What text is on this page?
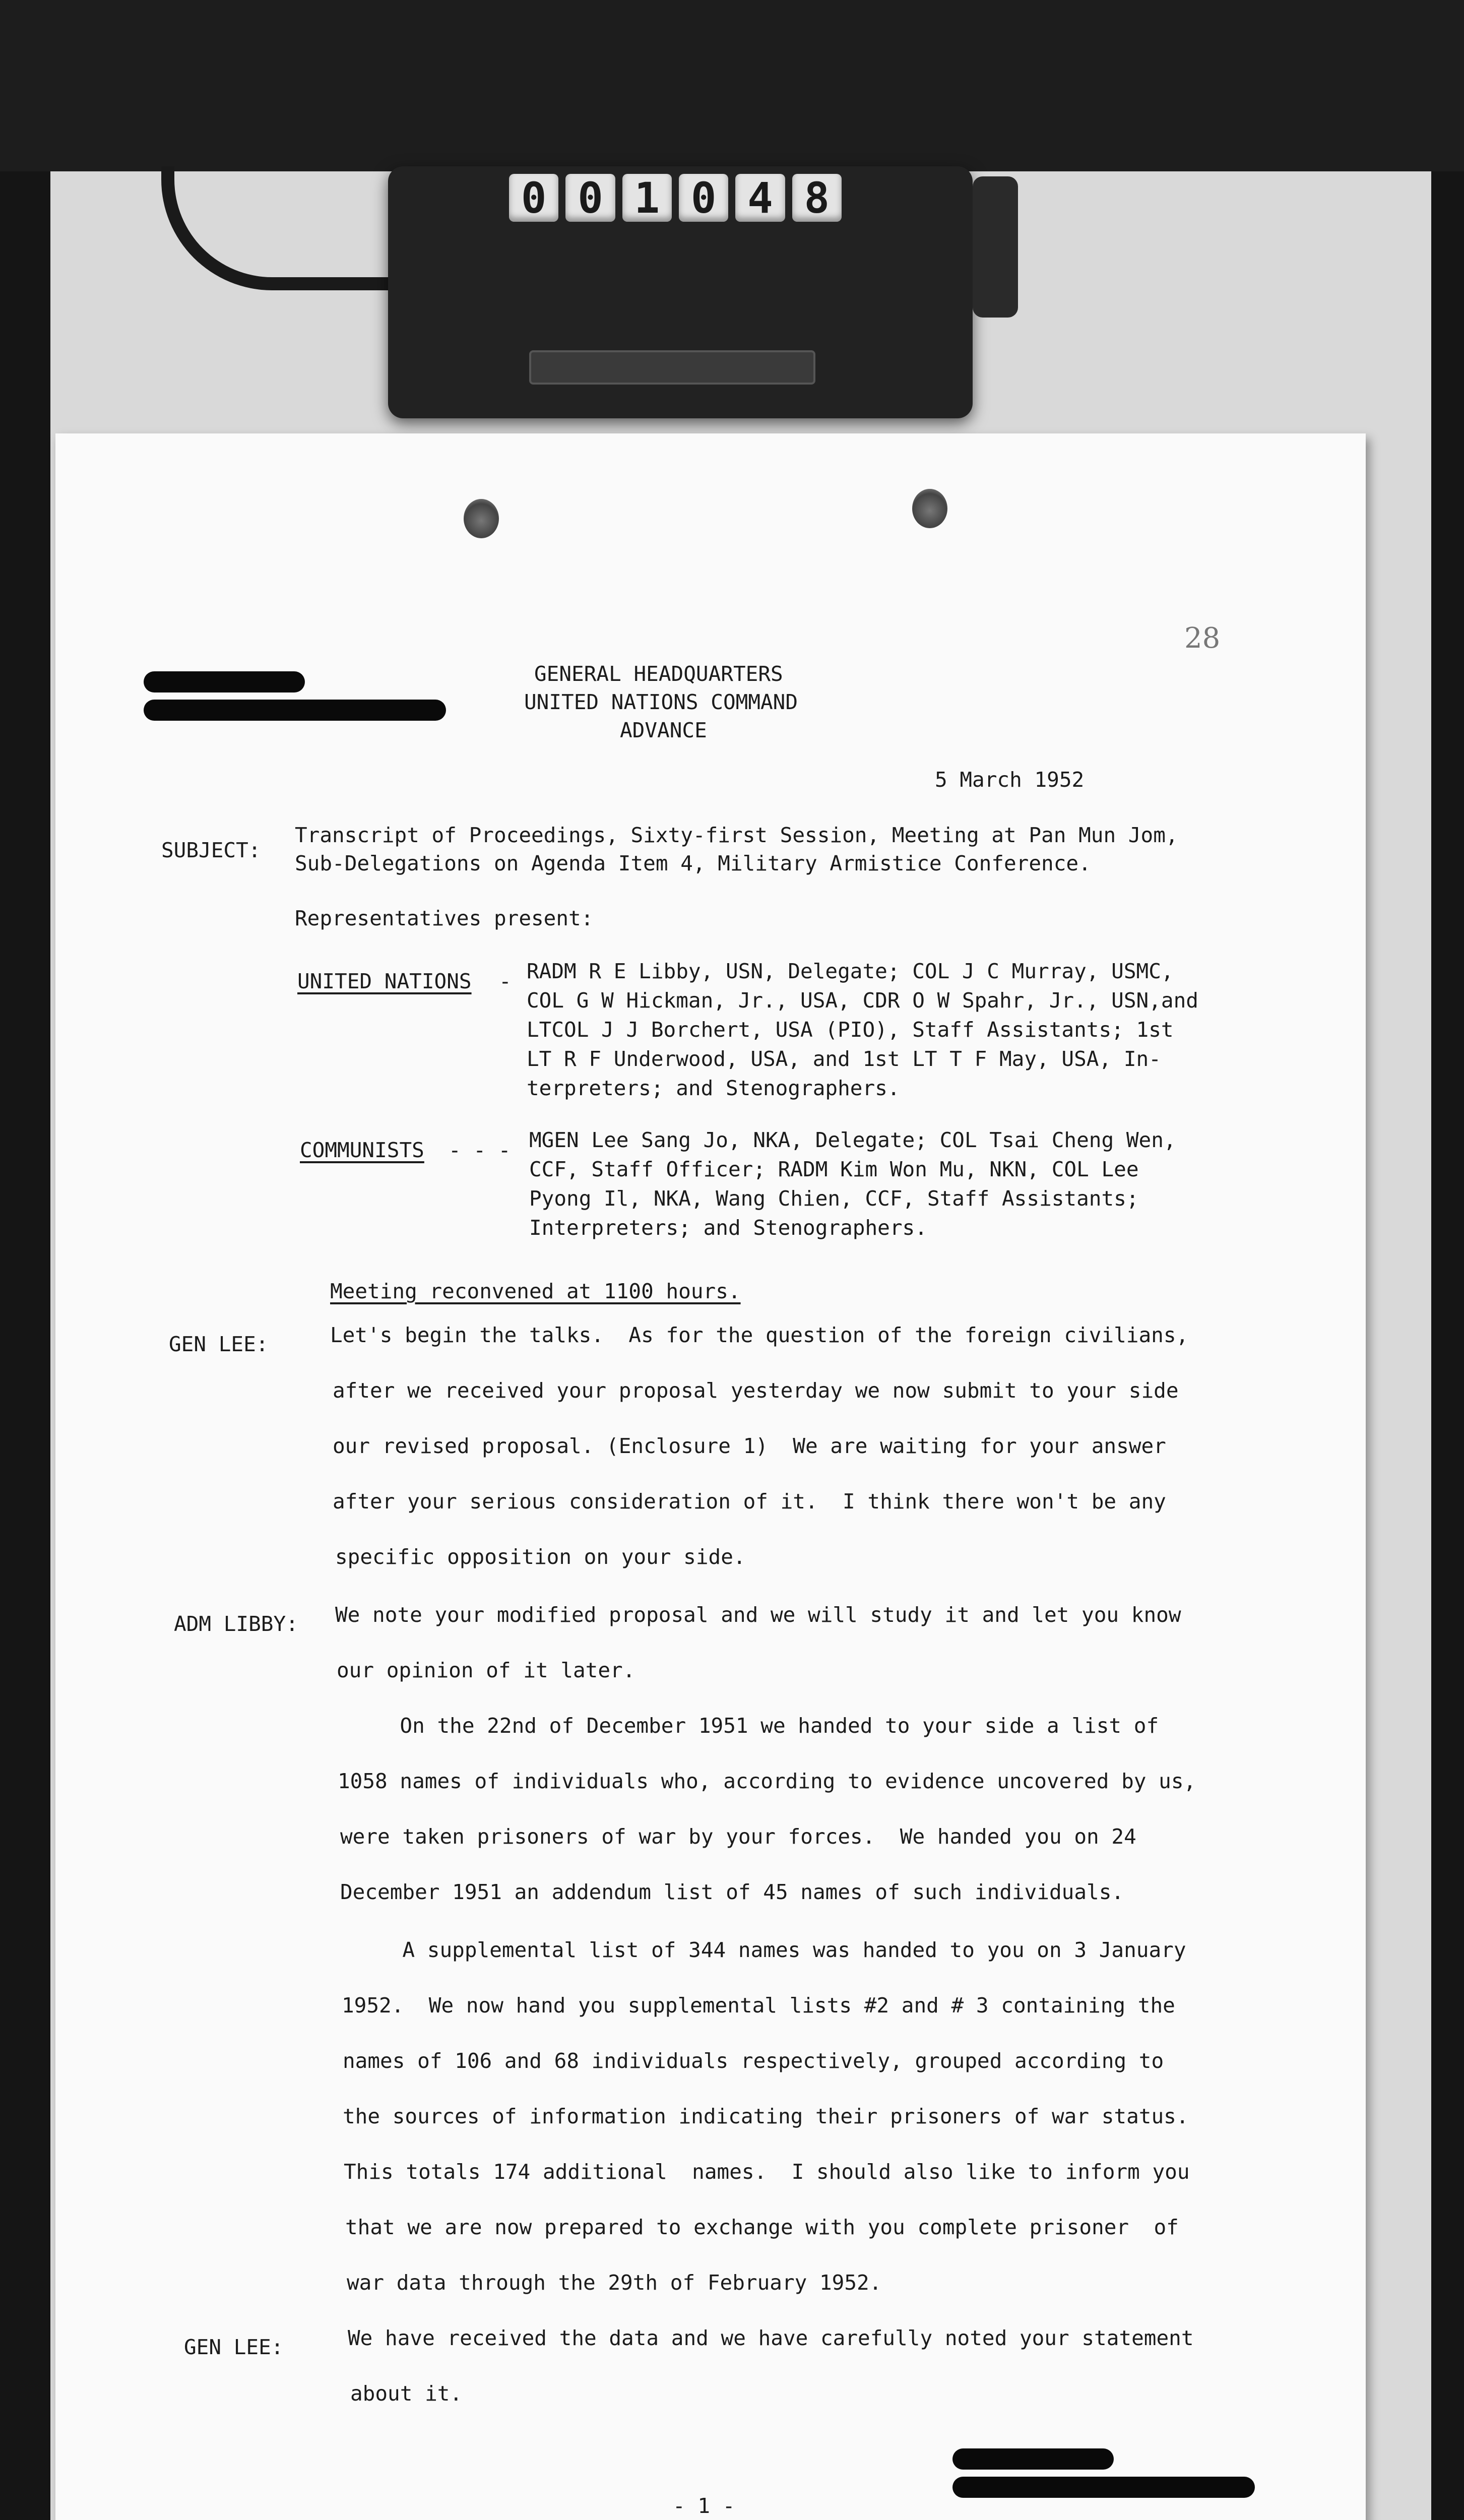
0 0 1 0 4 8

28

GENERAL HEADQUARTERS

UNITED NATIONS COMMAND

ADVANCE

5 March 1952

SUBJECT:

Transcript of Proceedings, Sixty-first Session, Meeting at Pan Mun Jom,

Sub-Delegations on Agenda Item 4, Military Armistice Conference.

Representatives present:

UNITED NATIONS - RADM R E Libby, USN, Delegate; COL J C Murray, USMC,

COL G W Hickman, Jr., USA, CDR O W Spahr, Jr., USN,and

LTCOL J J Borchert, USA (PIO), Staff Assistants; 1st

LT R F Underwood, USA, and 1st LT T F May, USA, In-

terpreters; and Stenographers.

COMMUNISTS - - - MGEN Lee Sang Jo, NKA, Delegate; COL Tsai Cheng Wen,

CCF, Staff Officer; RADM Kim Won Mu, NKN, COL Lee

Pyong Il, NKA, Wang Chien, CCF, Staff Assistants;

Interpreters; and Stenographers.

Meeting reconvened at 1100 hours.

GEN LEE:	Let's begin the talks.  As for the question of the foreign civilians,

after we received your proposal yesterday we now submit to your side

our revised proposal. (Enclosure 1)  We are waiting for your answer

after your serious consideration of it.  I think there won't be any

specific opposition on your side.

ADM LIBBY: We note your modified proposal and we will study it and let you know

our opinion of it later.

On the 22nd of December 1951 we handed to your side a list of

1058 names of individuals who, according to evidence uncovered by us,

were taken prisoners of war by your forces.  We handed you on 24

December 1951 an addendum list of 45 names of such individuals.

A supplemental list of 344 names was handed to you on 3 January

1952.  We now hand you supplemental lists #2 and # 3 containing the

names of 106 and 68 individuals respectively, grouped according to

the sources of information indicating their prisoners of war status.

This totals 174 additional  names.  I should also like to inform you

that we are now prepared to exchange with you complete prisoner  of

war data through the 29th of February 1952.

GEN LEE:	We have received the data and we have carefully noted your statement

about it.

- 1 -
